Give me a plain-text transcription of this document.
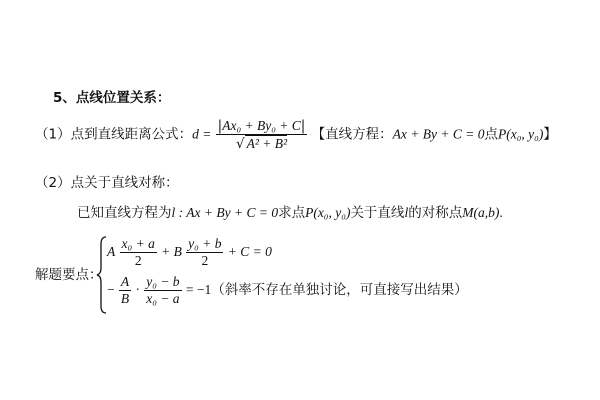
5、点线位置关系：
（1）点到直线距离公式：$d = \frac{\text{|Ax₀ + By₀ + C|}}{\text{√ A² + B²}}$ 【直线方程：Ax + By + C = 0点P(x₀, y₀)】
（2）点关于直线对称：
已知直线方程为l : Ax + By + C = 0求点P(x₀, y₀)关于直线l的对称点M(a,b).
解题要点：
A $\frac{\text{x₀ + a}}{2} + B \frac{\text{y₀ + b}}{2} + C = 0$
− $\frac{A}{B} \cdot \frac{\text{y₀ − b}}{\text{x₀ − a}} = -1$（斜率不存在单独讨论，可直接写出结果）
